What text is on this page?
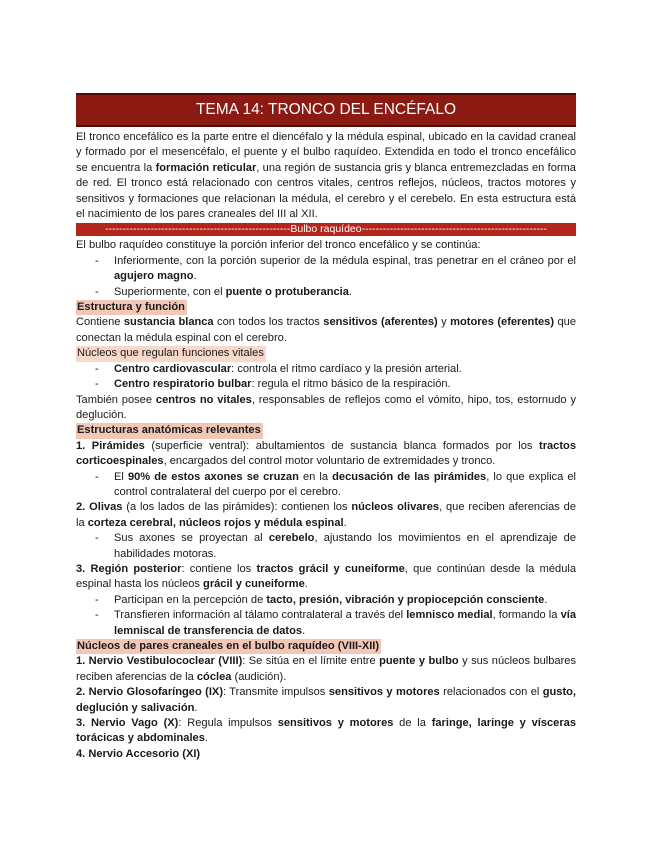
TEMA 14: TRONCO DEL ENCÉFALO

El tronco encefálico es la parte entre el diencéfalo y la médula espinal, ubicado en la cavidad craneal y formado por el mesencéfalo, el puente y el bulbo raquídeo. Extendida en todo el tronco encefálico se encuentra la formación reticular, una región de sustancia gris y blanca entremezcladas en forma de red. El tronco está relacionado con centros vitales, centros reflejos, núcleos, tractos motores y sensitivos y formaciones que relacionan la médula, el cerebro y el cerebelo. En esta estructura está el nacimiento de los pares craneales del III al XII.

-----------------------------------------------------Bulbo raquídeo-----------------------------------------------------

El bulbo raquídeo constituye la porción inferior del tronco encefálico y se continúa:

- Inferiormente, con la porción superior de la médula espinal, tras penetrar en el cráneo por el agujero magno.
- Superiormente, con el puente o protuberancia.
Estructura y función

Contiene sustancia blanca con todos los tractos sensitivos (aferentes) y motores (eferentes) que conectan la médula espinal con el cerebro.

Núcleos que regulan funciones vitales
- Centro cardiovascular: controla el ritmo cardíaco y la presión arterial.
- Centro respiratorio bulbar: regula el ritmo básico de la respiración.

También posee centros no vitales, responsables de reflejos como el vómito, hipo, tos, estornudo y deglución.

Estructuras anatómicas relevantes

1. Pirámides (superficie ventral): abultamientos de sustancia blanca formados por los tractos corticoespinales, encargados del control motor voluntario de extremidades y tronco.

- El 90% de estos axones se cruzan en la decusación de las pirámides, lo que explica el control contralateral del cuerpo por el cerebro.

2. Olivas (a los lados de las pirámides): contienen los núcleos olivares, que reciben aferencias de la corteza cerebral, núcleos rojos y médula espinal.

- Sus axones se proyectan al cerebelo, ajustando los movimientos en el aprendizaje de habilidades motoras.

3. Región posterior: contiene los tractos grácil y cuneiforme, que continúan desde la médula espinal hasta los núcleos grácil y cuneiforme.

- Participan en la percepción de tacto, presión, vibración y propiocepción consciente.
- Transfieren información al tálamo contralateral a través del lemnisco medial, formando la vía lemniscal de transferencia de datos.
Núcleos de pares craneales en el bulbo raquídeo (VIII-XII)

1. Nervio Vestibulococlear (VIII): Se sitúa en el límite entre puente y bulbo y sus núcleos bulbares reciben aferencias de la cóclea (audición).

2. Nervio Glosofaríngeo (IX): Transmite impulsos sensitivos y motores relacionados con el gusto, deglución y salivación.

3. Nervio Vago (X): Regula impulsos sensitivos y motores de la faringe, laringe y vísceras torácicas y abdominales.

4. Nervio Accesorio (XI)
